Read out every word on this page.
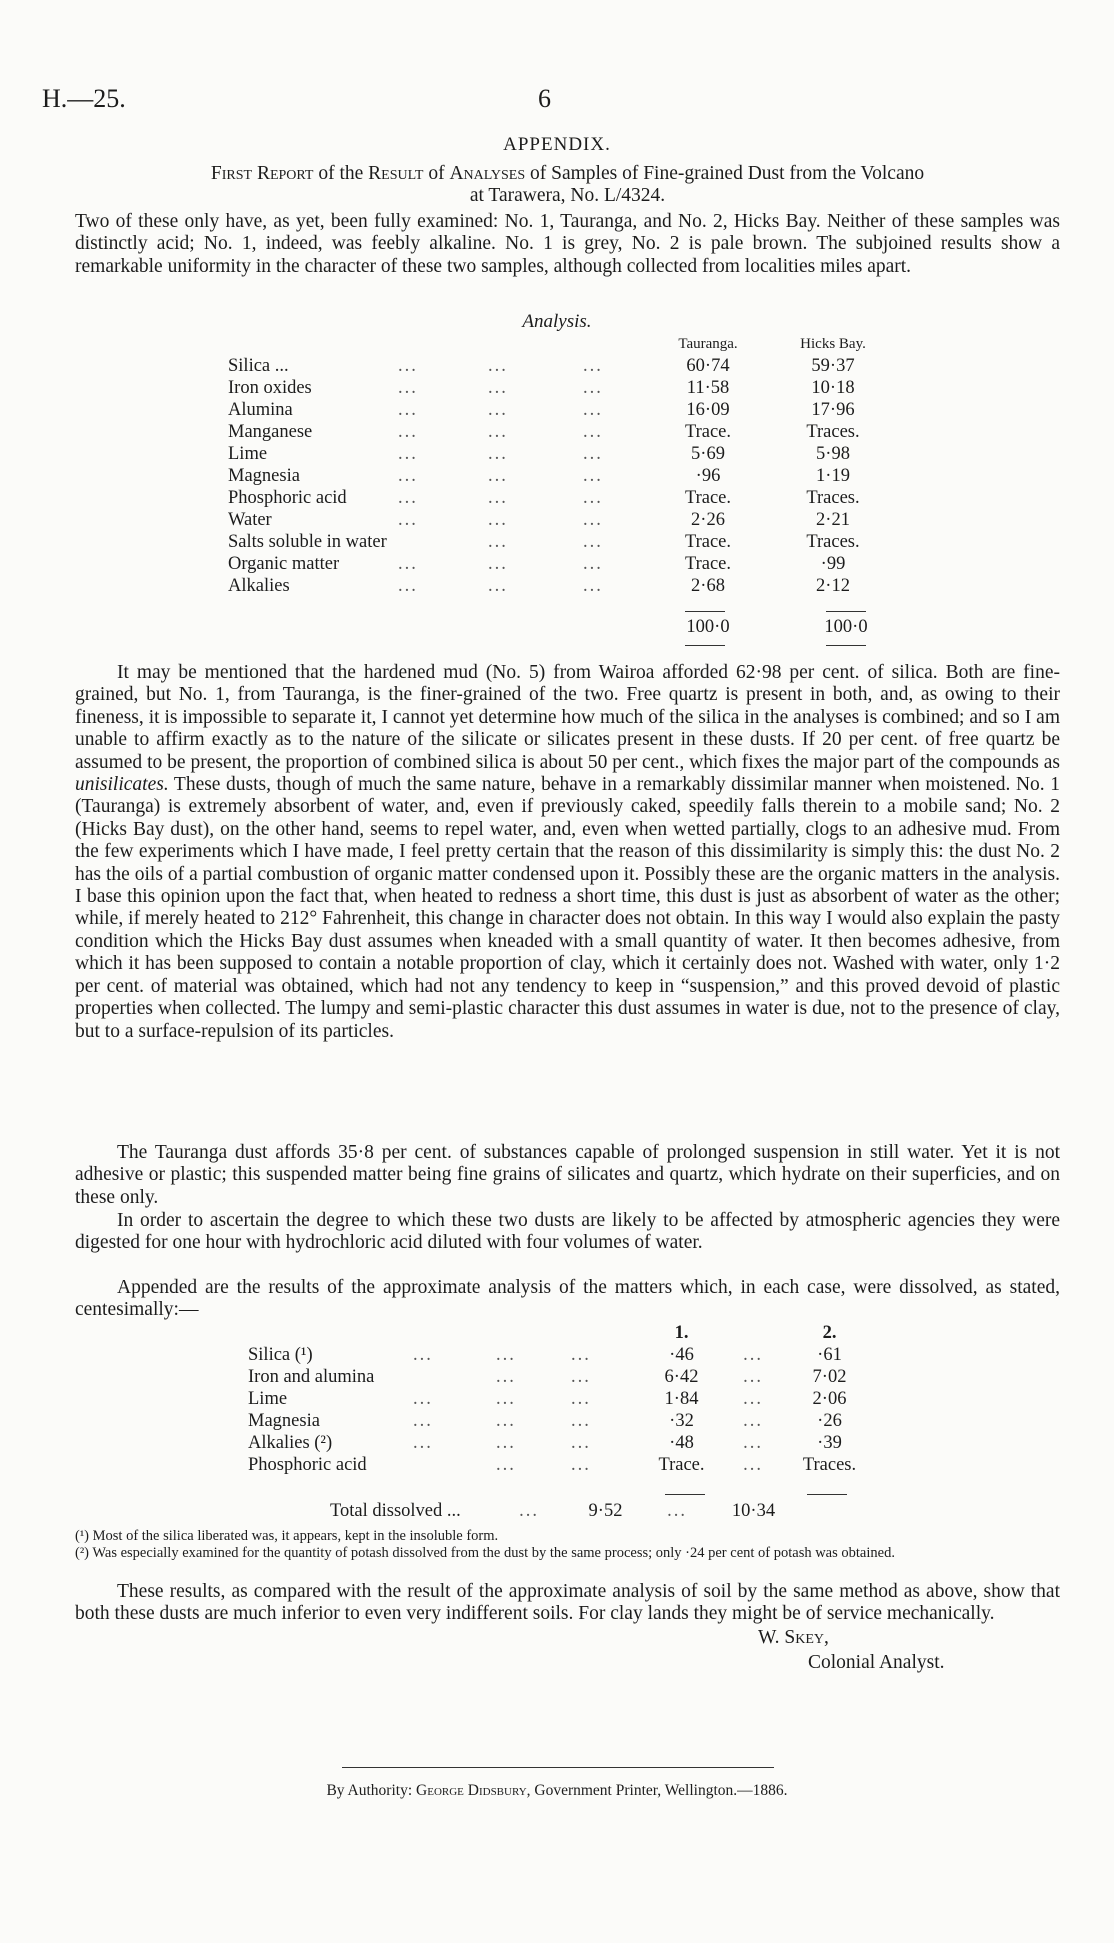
H.—25.	6
APPENDIX.
First Report of the Result of Analyses of Samples of Fine-grained Dust from the Volcano
at Tarawera, No. L/4324.

Two of these only have, as yet, been fully examined: No. 1, Tauranga, and No. 2, Hicks Bay. Neither of these samples was distinctly acid; No. 1, indeed, was feebly alkaline. No. 1 is grey, No. 2 is pale brown. The subjoined results show a remarkable uniformity in the character of these two samples, although collected from localities miles apart.

Analysis.
				Tauranga.	Hicks Bay.
Silica ...	...	...	...	60·74	59·37
Iron oxides	...	...	...	11·58	10·18
Alumina	...	...	...	16·09	17·96
Manganese	...	...	...	Trace.	Traces.
Lime	...	...	...	5·69	5·98
Magnesia	...	...	...	·96	1·19
Phosphoric acid	...	...	...	Trace.	Traces.
Water	...	...	...	2·26	2·21
Salts soluble in water		...	...	Trace.	Traces.
Organic matter	...	...	...	Trace.	·99
Alkalies	...	...	...	2·68	2·12
100·0	100·0

It may be mentioned that the hardened mud (No. 5) from Wairoa afforded 62·98 per cent. of silica. Both are fine-grained, but No. 1, from Tauranga, is the finer-grained of the two. Free quartz is present in both, and, as owing to their fineness, it is impossible to separate it, I cannot yet determine how much of the silica in the analyses is combined; and so I am unable to affirm exactly as to the nature of the silicate or silicates present in these dusts. If 20 per cent. of free quartz be assumed to be present, the proportion of combined silica is about 50 per cent., which fixes the major part of the compounds as unisilicates. These dusts, though of much the same nature, behave in a remarkably dissimilar manner when moistened. No. 1 (Tauranga) is extremely absorbent of water, and, even if previously caked, speedily falls therein to a mobile sand; No. 2 (Hicks Bay dust), on the other hand, seems to repel water, and, even when wetted partially, clogs to an adhesive mud. From the few experiments which I have made, I feel pretty certain that the reason of this dissimilarity is simply this: the dust No. 2 has the oils of a partial combustion of organic matter condensed upon it. Possibly these are the organic matters in the analysis. I base this opinion upon the fact that, when heated to redness a short time, this dust is just as absorbent of water as the other; while, if merely heated to 212° Fahrenheit, this change in character does not obtain. In this way I would also explain the pasty condition which the Hicks Bay dust assumes when kneaded with a small quantity of water. It then becomes adhesive, from which it has been supposed to contain a notable proportion of clay, which it certainly does not. Washed with water, only 1·2 per cent. of material was obtained, which had not any tendency to keep in “suspension,” and this proved devoid of plastic properties when collected. The lumpy and semi-plastic character this dust assumes in water is due, not to the presence of clay, but to a surface-repulsion of its particles.

The Tauranga dust affords 35·8 per cent. of substances capable of prolonged suspension in still water. Yet it is not adhesive or plastic; this suspended matter being fine grains of silicates and quartz, which hydrate on their superficies, and on these only.

In order to ascertain the degree to which these two dusts are likely to be affected by atmospheric agencies they were digested for one hour with hydrochloric acid diluted with four volumes of water.

Appended are the results of the approximate analysis of the matters which, in each case, were dissolved, as stated, centesimally:—

				1.		2.
Silica (¹)	...	...	...	·46	...	·61
Iron and alumina		...	...	6·42	...	7·02
Lime	...	...	...	1·84	...	2·06
Magnesia	...	...	...	·32	...	·26
Alkalies (²)	...	...	...	·48	...	·39
Phosphoric acid		...	...	Trace.	...	Traces.
Total dissolved ...	...	9·52	...	10·34

(¹) Most of the silica liberated was, it appears, kept in the insoluble form.

(²) Was especially examined for the quantity of potash dissolved from the dust by the same process; only ·24 per cent of potash was obtained.

These results, as compared with the result of the approximate analysis of soil by the same method as above, show that both these dusts are much inferior to even very indifferent soils. For clay lands they might be of service mechanically.

W. Skey,
Colonial Analyst.
By Authority: George Didsbury, Government Printer, Wellington.—1886.
